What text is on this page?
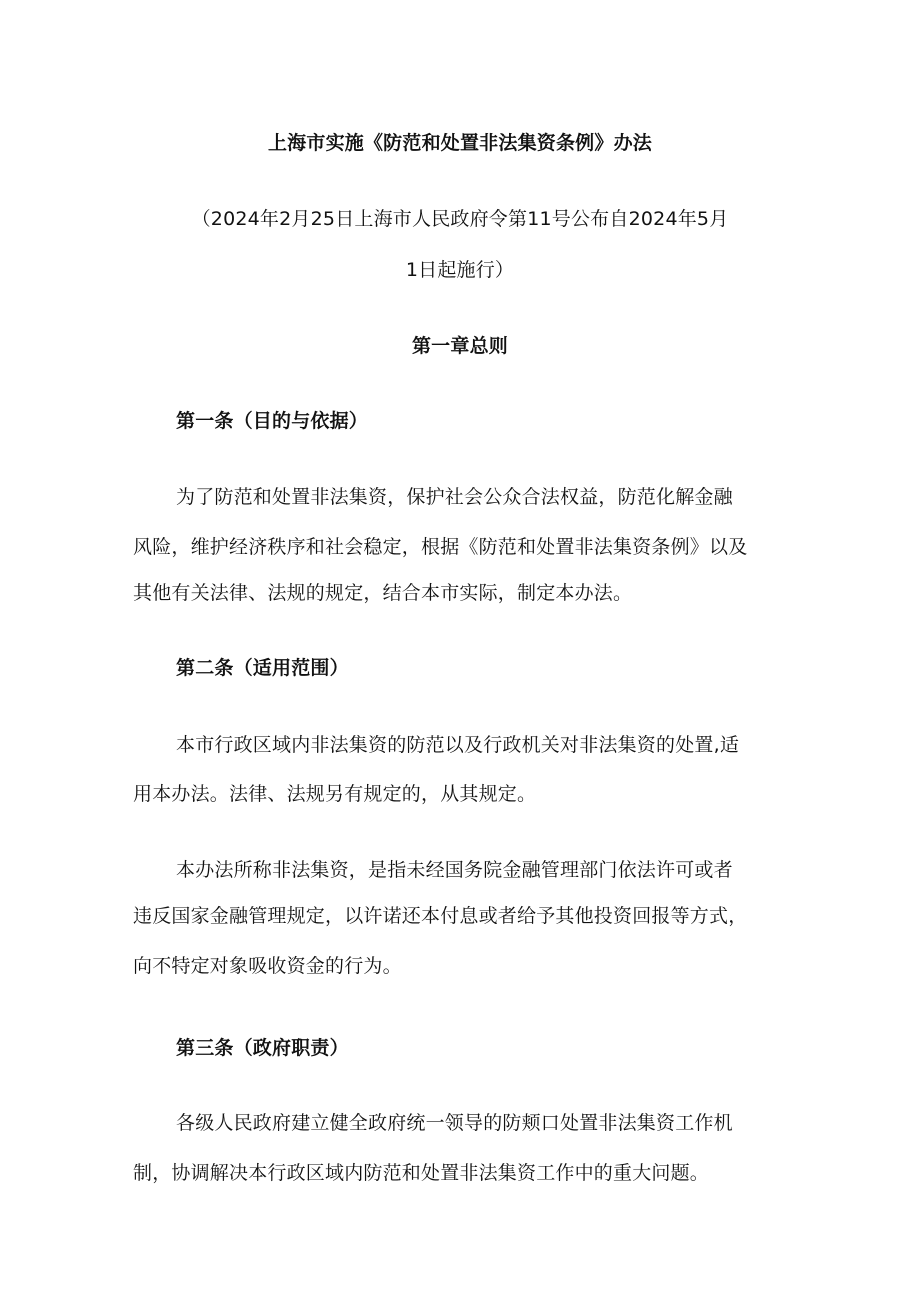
上海市实施《防范和处置非法集资条例》办法
（2024年2月25日上海市人民政府令第11号公布自2024年5月
1日起施行）
第一章总则
第一条（目的与依据）
为了防范和处置非法集资，保护社会公众合法权益，防范化解金融
风险，维护经济秩序和社会稳定，根据《防范和处置非法集资条例》以及
其他有关法律、法规的规定，结合本市实际，制定本办法。
第二条（适用范围）
本市行政区域内非法集资的防范以及行政机关对非法集资的处置,适
用本办法。法律、法规另有规定的，从其规定。
本办法所称非法集资，是指未经国务院金融管理部门依法许可或者
违反国家金融管理规定，以许诺还本付息或者给予其他投资回报等方式，
向不特定对象吸收资金的行为。
第三条（政府职责）
各级人民政府建立健全政府统一领导的防颊口处置非法集资工作机
制，协调解决本行政区域内防范和处置非法集资工作中的重大问题。
